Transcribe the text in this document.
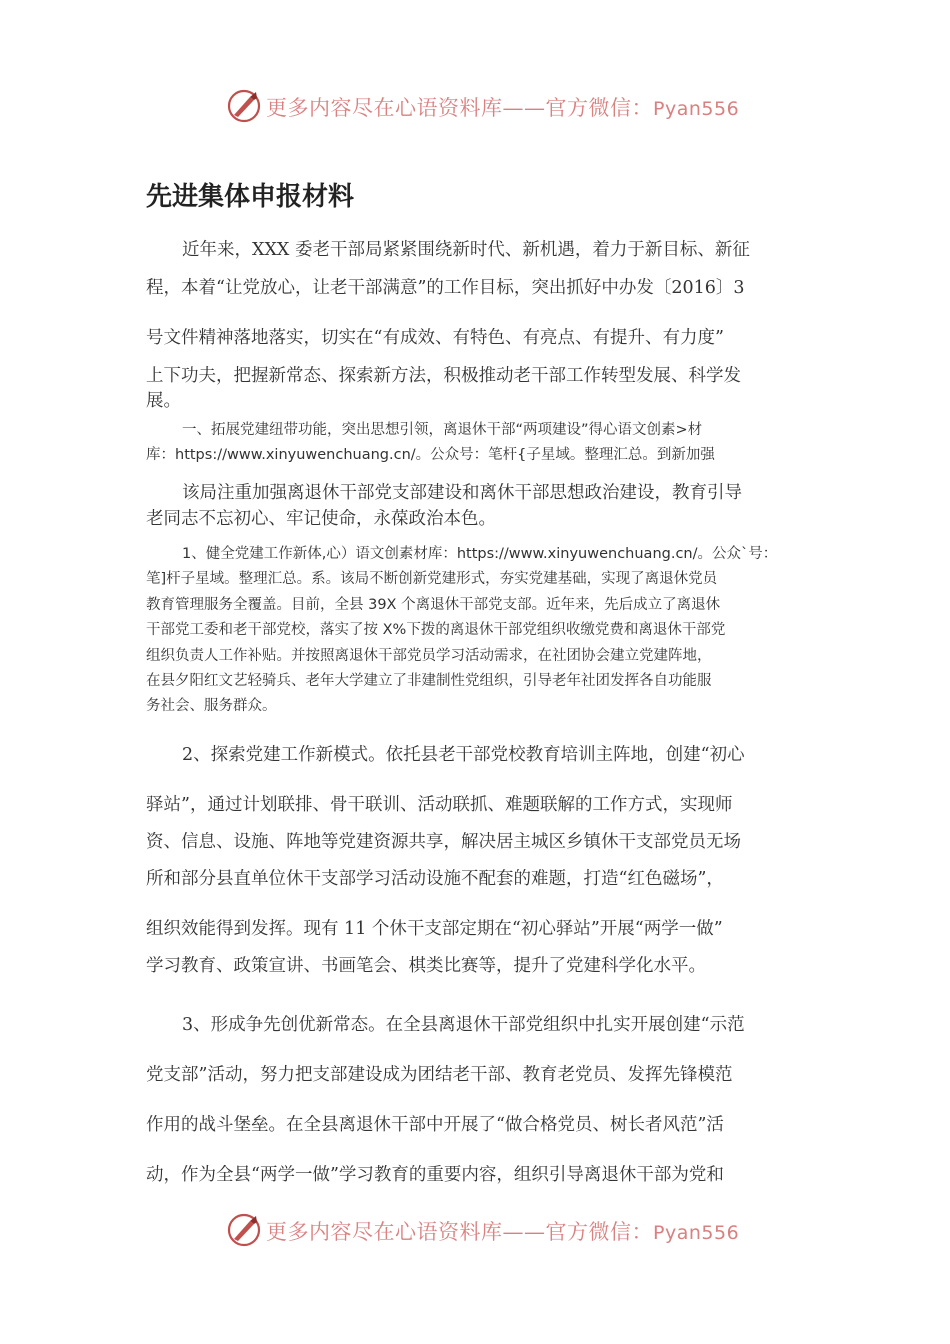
更多内容尽在心语资料库——官方微信：Pyan556
先进集体申报材料
近年来，XXX 委老干部局紧紧围绕新时代、新机遇，着力于新目标、新征
程，本着“让党放心，让老干部满意”的工作目标，突出抓好中办发〔2016〕3
号文件精神落地落实，切实在“有成效、有特色、有亮点、有提升、有力度”
上下功夫，把握新常态、探索新方法，积极推动老干部工作转型发展、科学发
展。
一、拓展党建纽带功能，突出思想引领，离退休干部“两项建设”得心语文创素>材
库：https://www.xinyuwenchuang.cn/。公众号：笔杆{子星域。整理汇总。到新加强
该局注重加强离退休干部党支部建设和离休干部思想政治建设，教育引导
老同志不忘初心、牢记使命，永葆政治本色。
1、健全党建工作新体,心）语文创素材库：https://www.xinyuwenchuang.cn/。公众`号：
笔]杆子星域。整理汇总。系。该局不断创新党建形式，夯实党建基础，实现了离退休党员
教育管理服务全覆盖。目前，全县 39X 个离退休干部党支部。近年来，先后成立了离退休
干部党工委和老干部党校，落实了按 X%下拨的离退休干部党组织收缴党费和离退休干部党
组织负责人工作补贴。并按照离退休干部党员学习活动需求，在社团协会建立党建阵地，
在县夕阳红文艺轻骑兵、老年大学建立了非建制性党组织，引导老年社团发挥各自功能服
务社会、服务群众。
2、探索党建工作新模式。依托县老干部党校教育培训主阵地，创建“初心
驿站”，通过计划联排、骨干联训、活动联抓、难题联解的工作方式，实现师
资、信息、设施、阵地等党建资源共享，解决居主城区乡镇休干支部党员无场
所和部分县直单位休干支部学习活动设施不配套的难题，打造“红色磁场”，
组织效能得到发挥。现有 11 个休干支部定期在“初心驿站”开展“两学一做”
学习教育、政策宣讲、书画笔会、棋类比赛等，提升了党建科学化水平。
3、形成争先创优新常态。在全县离退休干部党组织中扎实开展创建“示范
党支部”活动，努力把支部建设成为团结老干部、教育老党员、发挥先锋模范
作用的战斗堡垒。在全县离退休干部中开展了“做合格党员、树长者风范”活
动，作为全县“两学一做”学习教育的重要内容，组织引导离退休干部为党和
更多内容尽在心语资料库——官方微信：Pyan556
